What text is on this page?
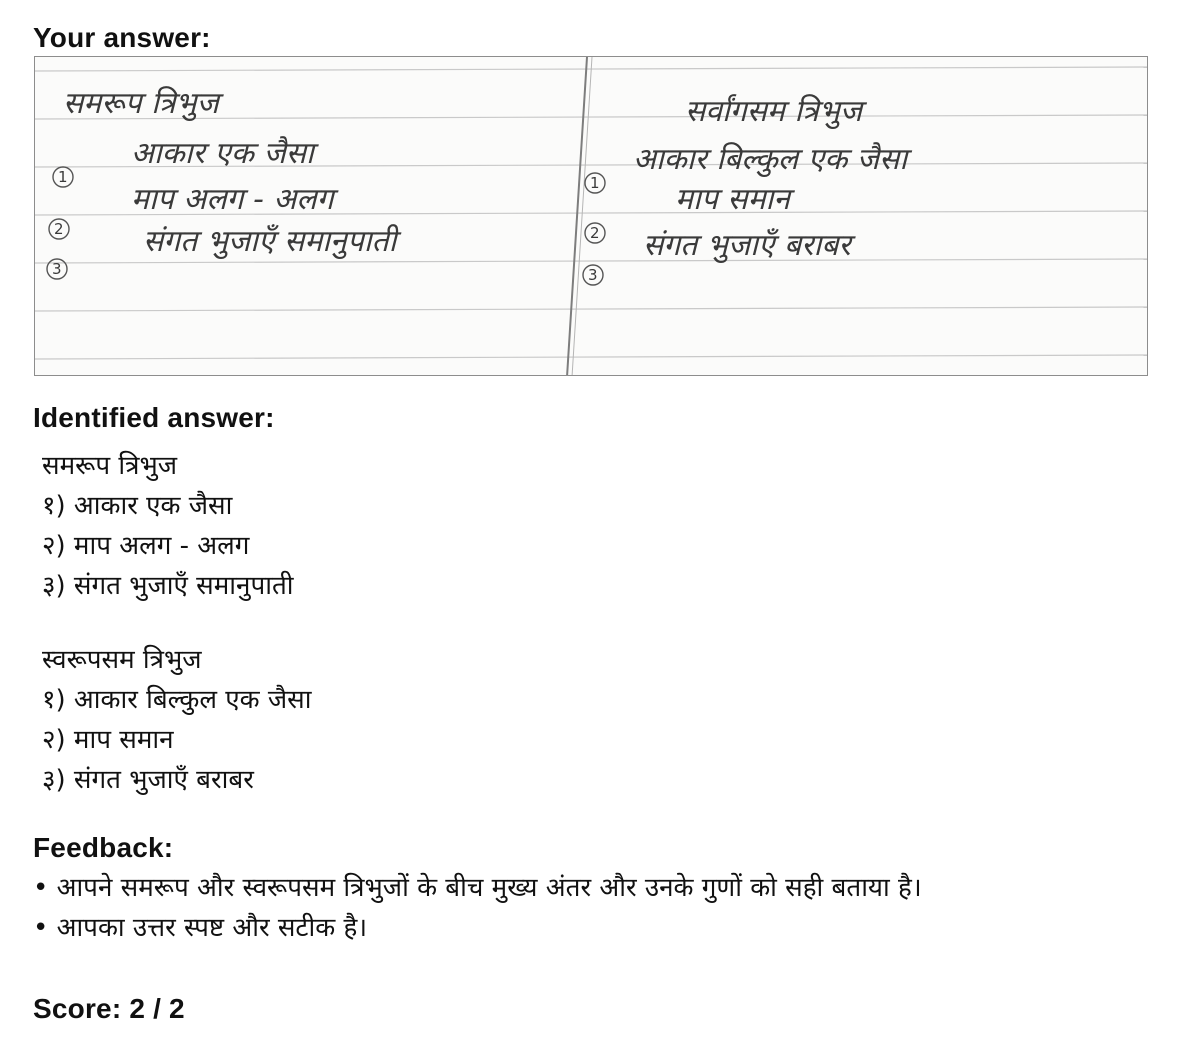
Your answer:
समरूप त्रिभुज
1
आकार एक जैसा
2
माप अलग - अलग
3
संगत भुजाएँ समानुपाती
सर्वांगसम त्रिभुज
1
आकार बिल्कुल एक जैसा
2
माप समान
3
संगत भुजाएँ बराबर
Identified answer:
समरूप त्रिभुज
१) आकार एक जैसा
२) माप अलग - अलग
३) संगत भुजाएँ समानुपाती
स्वरूपसम त्रिभुज
१) आकार बिल्कुल एक जैसा
२) माप समान
३) संगत भुजाएँ बराबर
Feedback:
• आपने समरूप और स्वरूपसम त्रिभुजों के बीच मुख्य अंतर और उनके गुणों को सही बताया है।
• आपका उत्तर स्पष्ट और सटीक है।
Score: 2 / 2
